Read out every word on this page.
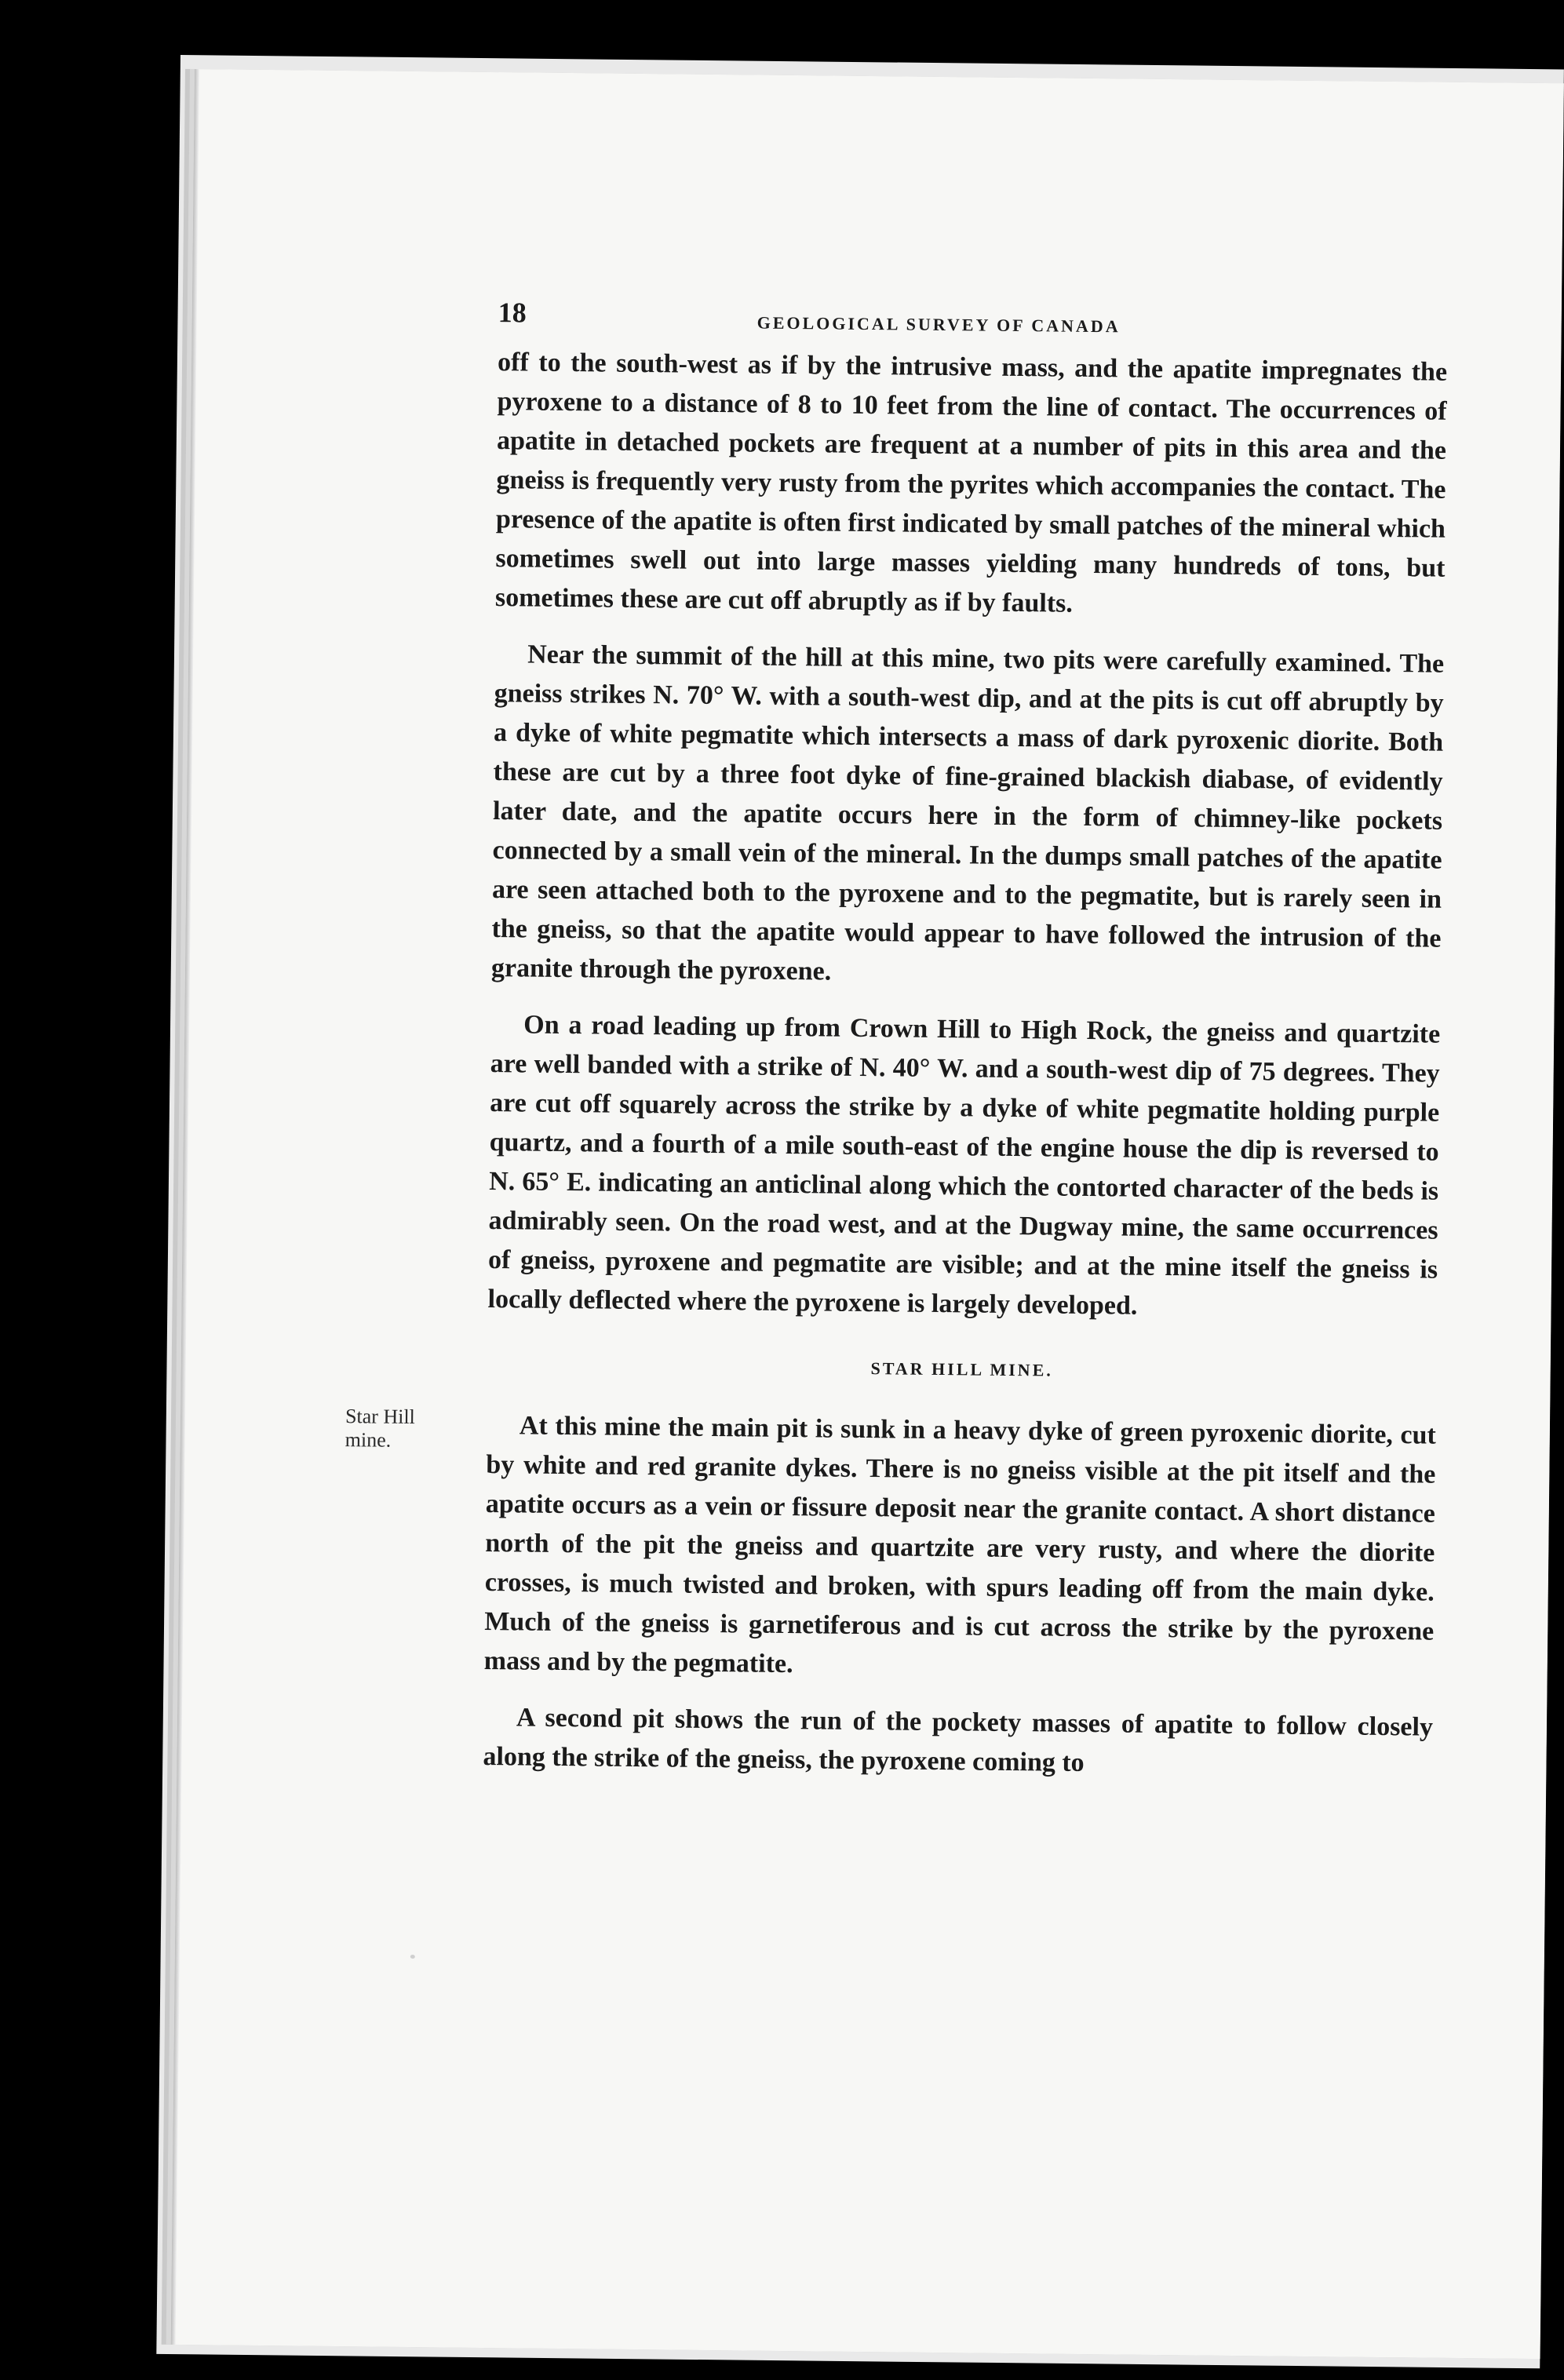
18	GEOLOGICAL SURVEY OF CANADA

off to the south-west as if by the intrusive mass, and the apatite impregnates the pyroxene to a distance of 8 to 10 feet from the line of contact. The occurrences of apatite in detached pockets are frequent at a number of pits in this area and the gneiss is frequently very rusty from the pyrites which accompanies the contact. The presence of the apatite is often first indicated by small patches of the mineral which sometimes swell out into large masses yielding many hundreds of tons, but sometimes these are cut off abruptly as if by faults.

Near the summit of the hill at this mine, two pits were carefully examined. The gneiss strikes N. 70° W. with a south-west dip, and at the pits is cut off abruptly by a dyke of white pegmatite which intersects a mass of dark pyroxenic diorite. Both these are cut by a three foot dyke of fine-grained blackish diabase, of evidently later date, and the apatite occurs here in the form of chimney-like pockets connected by a small vein of the mineral. In the dumps small patches of the apatite are seen attached both to the pyroxene and to the pegmatite, but is rarely seen in the gneiss, so that the apatite would appear to have followed the intrusion of the granite through the pyroxene.

On a road leading up from Crown Hill to High Rock, the gneiss and quartzite are well banded with a strike of N. 40° W. and a south-west dip of 75 degrees. They are cut off squarely across the strike by a dyke of white pegmatite holding purple quartz, and a fourth of a mile south-east of the engine house the dip is reversed to N. 65° E. indicating an anticlinal along which the contorted character of the beds is admirably seen. On the road west, and at the Dugway mine, the same occurrences of gneiss, pyroxene and pegmatite are visible; and at the mine itself the gneiss is locally deflected where the pyroxene is largely developed.

STAR HILL MINE.
Star Hill mine.	At this mine the main pit is sunk in a heavy dyke of green pyroxenic diorite, cut by white and red granite dykes. There is no gneiss visible at the pit itself and the apatite occurs as a vein or fissure deposit near the granite contact. A short distance north of the pit the gneiss and quartzite are very rusty, and where the diorite crosses, is much twisted and broken, with spurs leading off from the main dyke. Much of the gneiss is garnetiferous and is cut across the strike by the pyroxene mass and by the pegmatite.

A second pit shows the run of the pockety masses of apatite to follow closely along the strike of the gneiss, the pyroxene coming to
